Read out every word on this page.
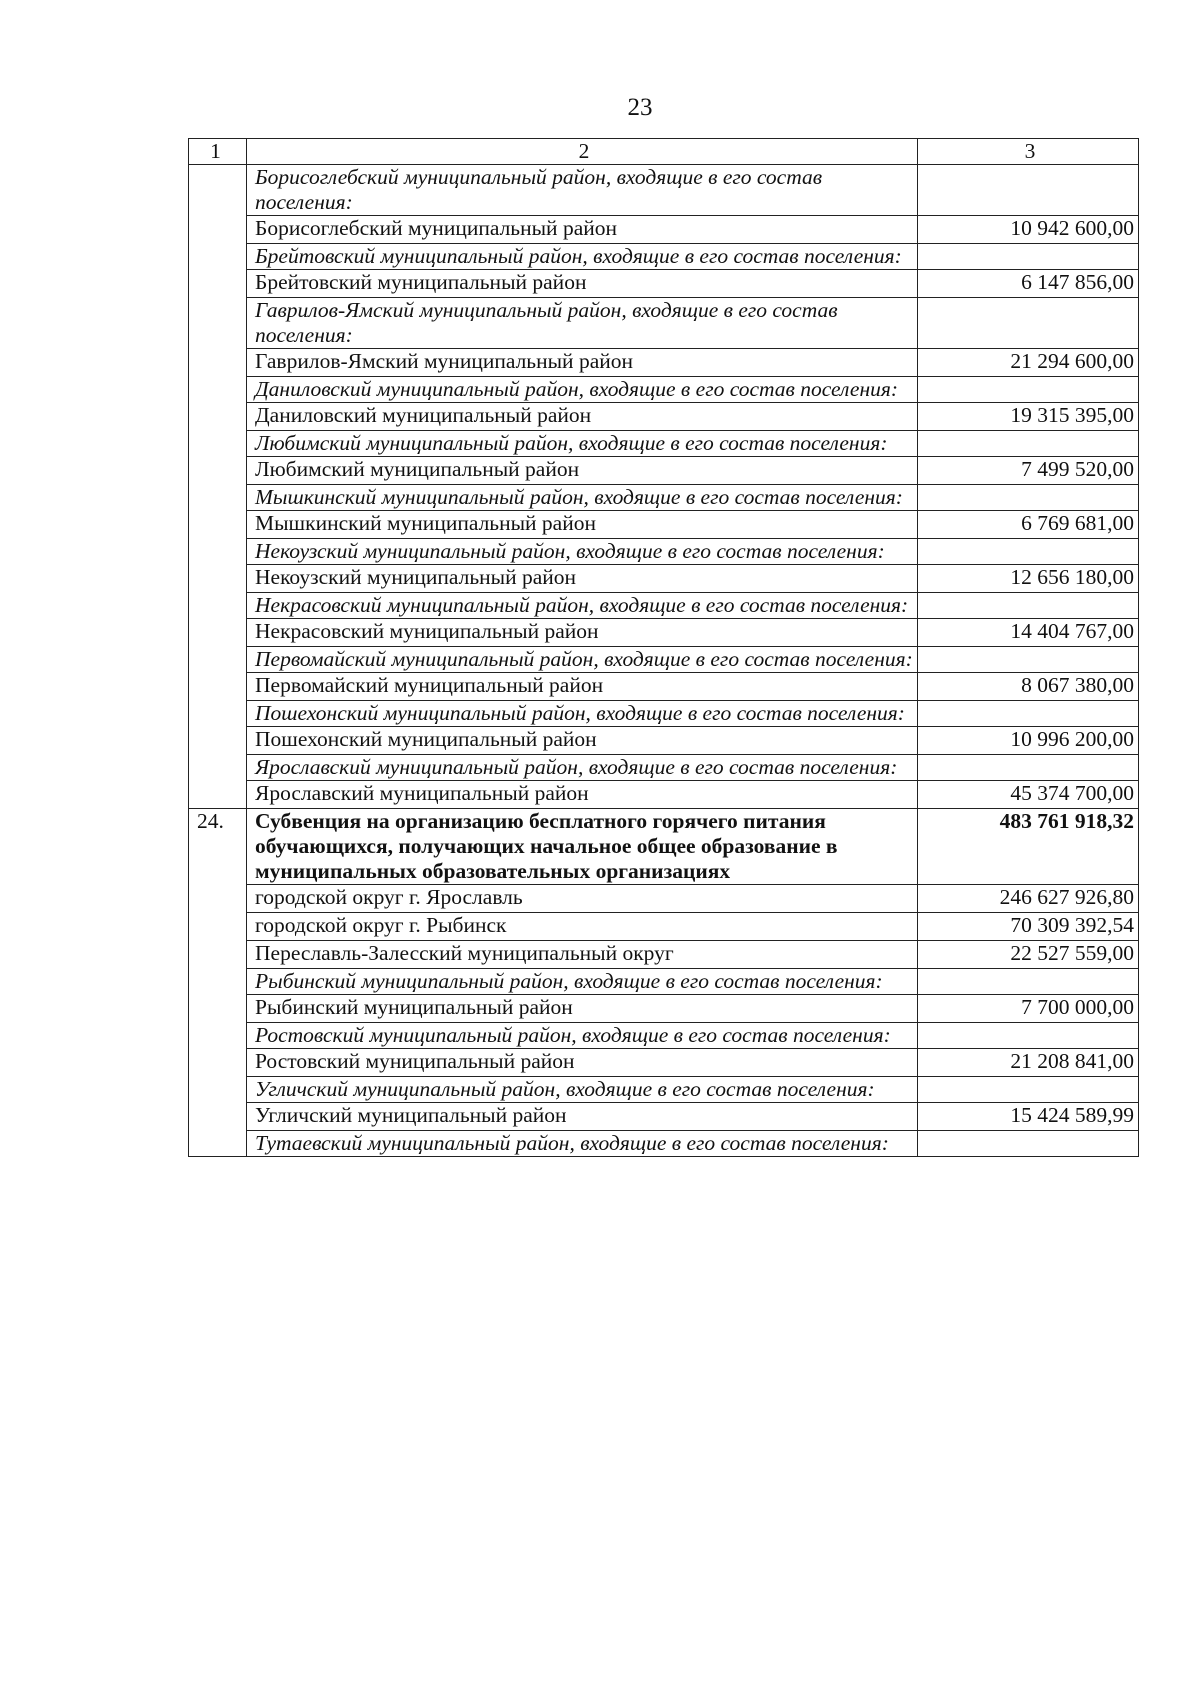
23
1	2	3
	Борисоглебский муниципальный район, входящие в его состав поселения:	
	Борисоглебский муниципальный район	10 942 600,00
	Брейтовский муниципальный район, входящие в его состав поселения:	
	Брейтовский муниципальный район	6 147 856,00
	Гаврилов-Ямский муниципальный район, входящие в его состав поселения:	
	Гаврилов-Ямский муниципальный район	21 294 600,00
	Даниловский муниципальный район, входящие в его состав поселения:	
	Даниловский муниципальный район	19 315 395,00
	Любимский муниципальный район, входящие в его состав поселения:	
	Любимский муниципальный район	7 499 520,00
	Мышкинский муниципальный район, входящие в его состав поселения:	
	Мышкинский муниципальный район	6 769 681,00
	Некоузский муниципальный район, входящие в его состав поселения:	
	Некоузский муниципальный район	12 656 180,00
	Некрасовский муниципальный район, входящие в его состав поселения:	
	Некрасовский муниципальный район	14 404 767,00
	Первомайский муниципальный район, входящие в его состав поселения:	
	Первомайский муниципальный район	8 067 380,00
	Пошехонский муниципальный район, входящие в его состав поселения:	
	Пошехонский муниципальный район	10 996 200,00
	Ярославский муниципальный район, входящие в его состав поселения:	
	Ярославский муниципальный район	45 374 700,00
24.	Субвенция на организацию бесплатного горячего питания обучающихся, получающих начальное общее образование в муниципальных образовательных организациях	483 761 918,32
	городской округ г. Ярославль	246 627 926,80
	городской округ г. Рыбинск	70 309 392,54
	Переславль-Залесский муниципальный округ	22 527 559,00
	Рыбинский муниципальный район, входящие в его состав поселения:	
	Рыбинский муниципальный район	7 700 000,00
	Ростовский муниципальный район, входящие в его состав поселения:	
	Ростовский муниципальный район	21 208 841,00
	Угличский муниципальный район, входящие в его состав поселения:	
	Угличский муниципальный район	15 424 589,99
	Тутаевский муниципальный район, входящие в его состав поселения:	
